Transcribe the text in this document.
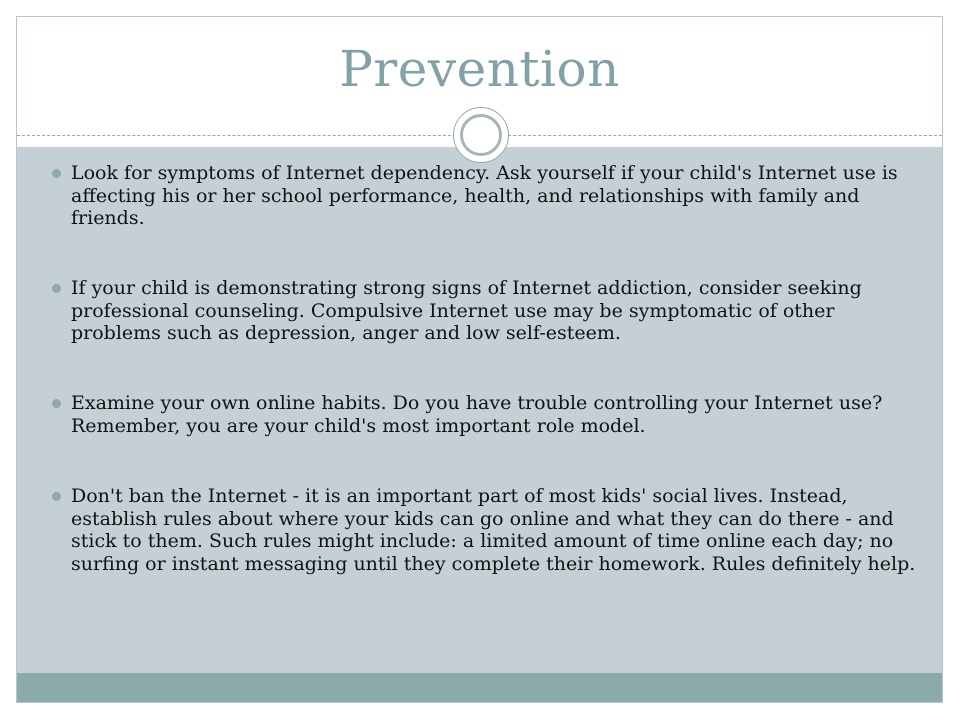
Prevention
Look for symptoms of Internet dependency. Ask yourself if your child's Internet use is affecting his or her school performance, health, and relationships with family and friends.
If your child is demonstrating strong signs of Internet addiction, consider seeking professional counseling. Compulsive Internet use may be symptomatic of other problems such as depression, anger and low self-esteem.
Examine your own online habits. Do you have trouble controlling your Internet use? Remember, you are your child's most important role model.
Don't ban the Internet - it is an important part of most kids' social lives. Instead, establish rules about where your kids can go online and what they can do there - and stick to them. Such rules might include: a limited amount of time online each day; no surfing or instant messaging until they complete their homework. Rules definitely help.
